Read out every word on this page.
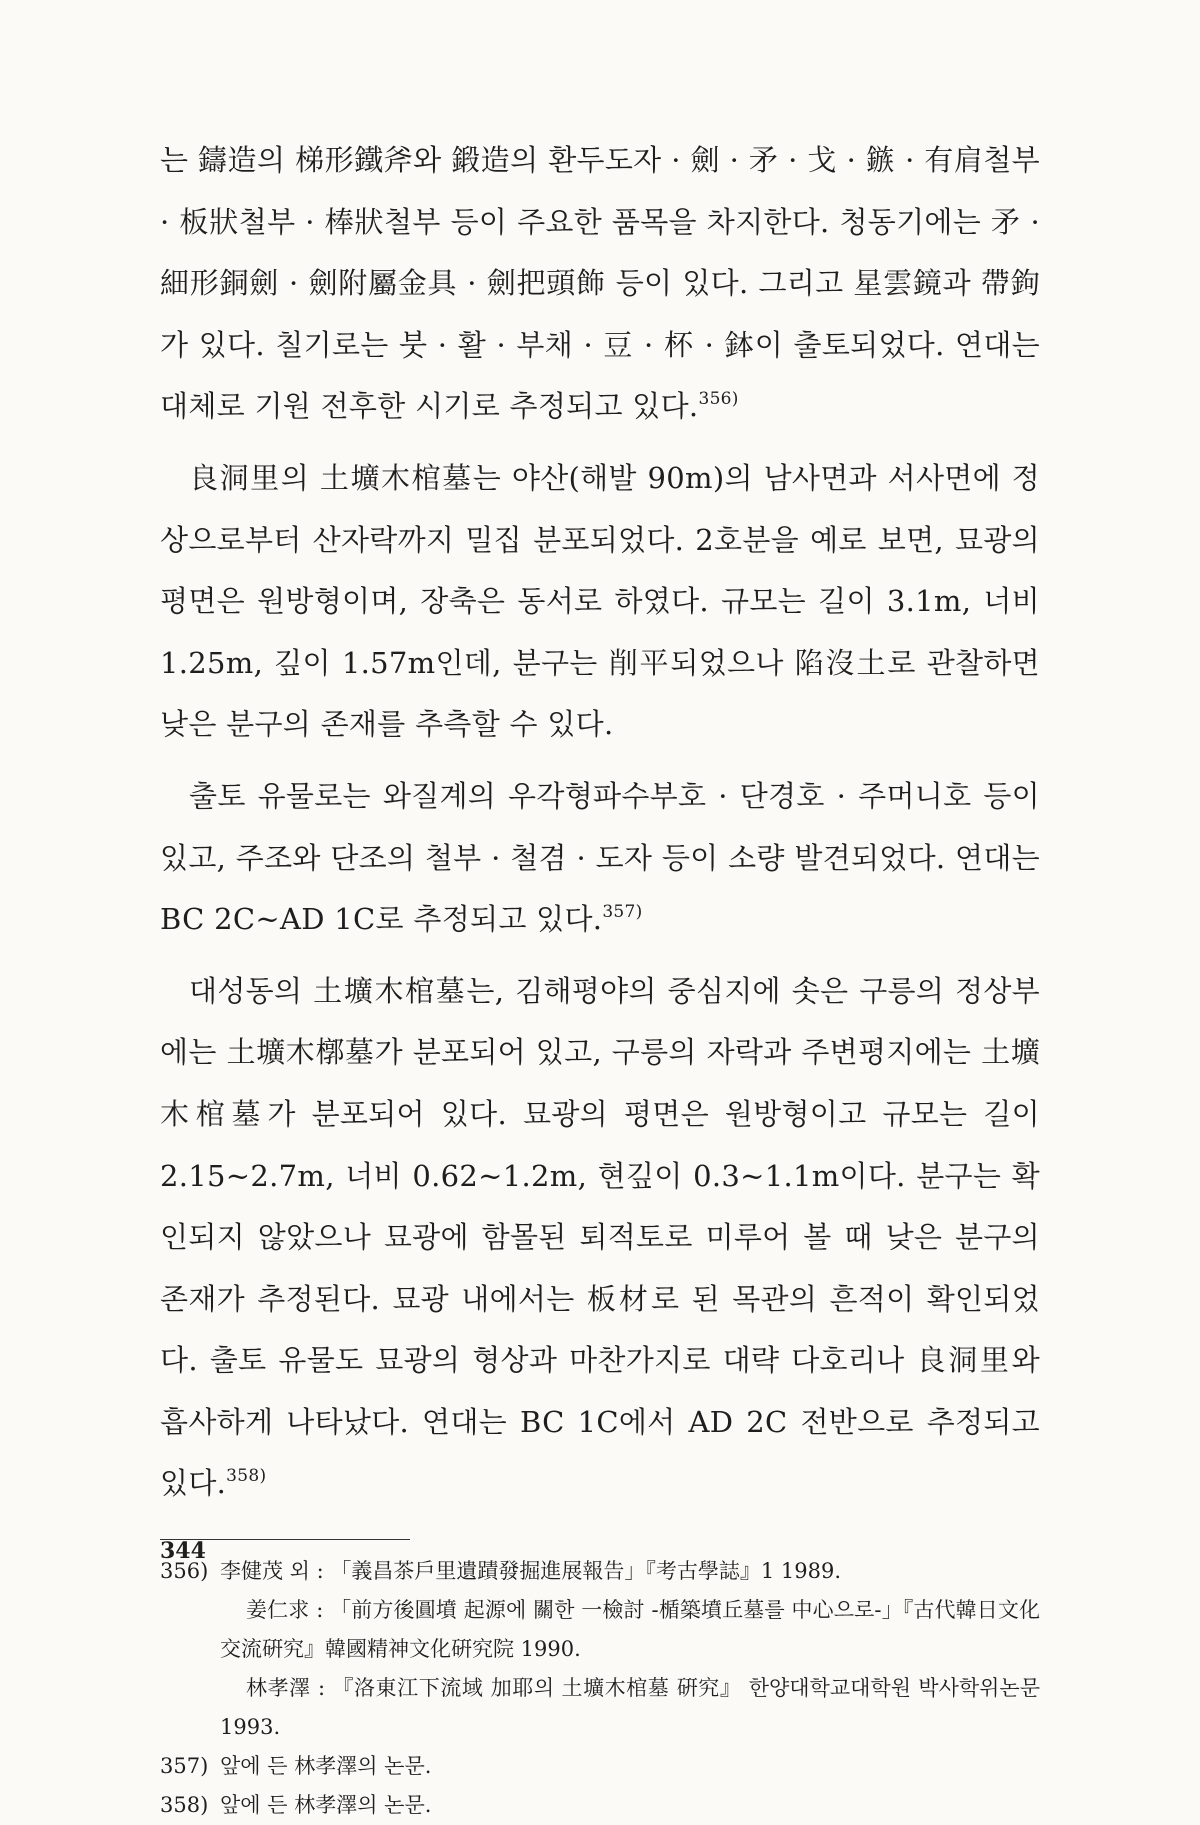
는 鑄造의 梯形鐵斧와 鍛造의 환두도자 · 劍 · 矛 · 戈 · 鏃 · 有肩철부 · 板狀철부 · 棒狀철부 등이 주요한 품목을 차지한다. 청동기에는 矛 · 細形銅劍 · 劍附屬金具 · 劍把頭飾 등이 있다. 그리고 星雲鏡과 帶鉤가 있다. 칠기로는 붓 · 활 · 부채 · 豆 · 杯 · 鉢이 출토되었다. 연대는 대체로 기원 전후한 시기로 추정되고 있다.$^{356)}$

良洞里의 土壙木棺墓는 야산(해발 90m)의 남사면과 서사면에 정상으로부터 산자락까지 밀집 분포되었다. 2호분을 예로 보면, 묘광의 평면은 원방형이며, 장축은 동서로 하였다. 규모는 길이 3.1m, 너비 1.25m, 깊이 1.57m인데, 분구는 削平되었으나 陷沒土로 관찰하면 낮은 분구의 존재를 추측할 수 있다.

출토 유물로는 와질계의 우각형파수부호 · 단경호 · 주머니호 등이 있고, 주조와 단조의 철부 · 철겸 · 도자 등이 소량 발견되었다. 연대는 BC 2C~AD 1C로 추정되고 있다.$^{357)}$

대성동의 土壙木棺墓는, 김해평야의 중심지에 솟은 구릉의 정상부에는 土壙木槨墓가 분포되어 있고, 구릉의 자락과 주변평지에는 土壙木棺墓가 분포되어 있다. 묘광의 평면은 원방형이고 규모는 길이 2.15~2.7m, 너비 0.62~1.2m, 현깊이 0.3~1.1m이다. 분구는 확인되지 않았으나 묘광에 함몰된 퇴적토로 미루어 볼 때 낮은 분구의 존재가 추정된다. 묘광 내에서는 板材로 된 목관의 흔적이 확인되었다. 출토 유물도 묘광의 형상과 마찬가지로 대략 다호리나 良洞里와 흡사하게 나타났다. 연대는 BC 1C에서 AD 2C 전반으로 추정되고 있다.$^{358)}$

356) 李健茂 외 : 「義昌茶戶里遺蹟發掘進展報告」『考古學誌』1 1989.
姜仁求 : 「前方後圓墳 起源에 關한 一檢討 -楯築墳丘墓를 中心으로-」『古代韓日文化交流硏究』韓國精神文化硏究院 1990.
林孝澤 : 『洛東江下流域 加耶의 土壙木棺墓 硏究』 한양대학교대학원 박사학위논문 1993.
357) 앞에 든 林孝澤의 논문.
358) 앞에 든 林孝澤의 논문.
344
